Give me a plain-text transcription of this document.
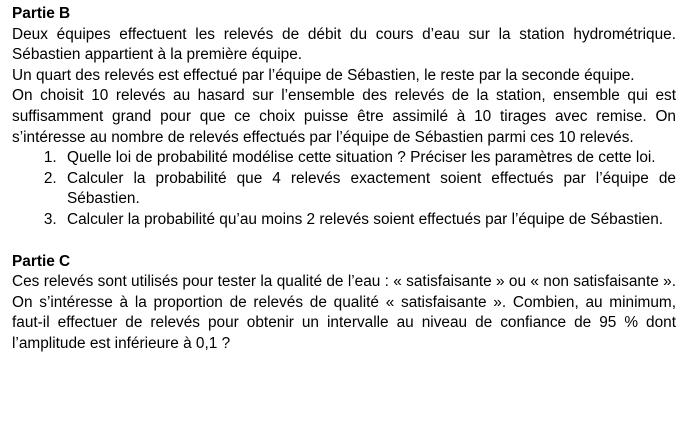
Partie B

Deux équipes effectuent les relevés de débit du cours d’eau sur la station hydrométrique. Sébastien appartient à la première équipe.

Un quart des relevés est effectué par l’équipe de Sébastien, le reste par la seconde équipe.

On choisit 10 relevés au hasard sur l’ensemble des relevés de la station, ensemble qui est suffisamment grand pour que ce choix puisse être assimilé à 10 tirages avec remise. On s’intéresse au nombre de relevés effectués par l’équipe de Sébastien parmi ces 10 relevés.

1. Quelle loi de probabilité modélise cette situation ? Préciser les paramètres de cette loi.
2. Calculer la probabilité que 4 relevés exactement soient effectués par l’équipe de Sébastien.
3. Calculer la probabilité qu’au moins 2 relevés soient effectués par l’équipe de Sébastien.
Partie C

Ces relevés sont utilisés pour tester la qualité de l’eau : « satisfaisante » ou « non satisfaisante ». On s’intéresse à la proportion de relevés de qualité « satisfaisante ». Combien, au minimum, faut-il effectuer de relevés pour obtenir un intervalle au niveau de confiance de 95 % dont l’amplitude est inférieure à 0,1 ?
